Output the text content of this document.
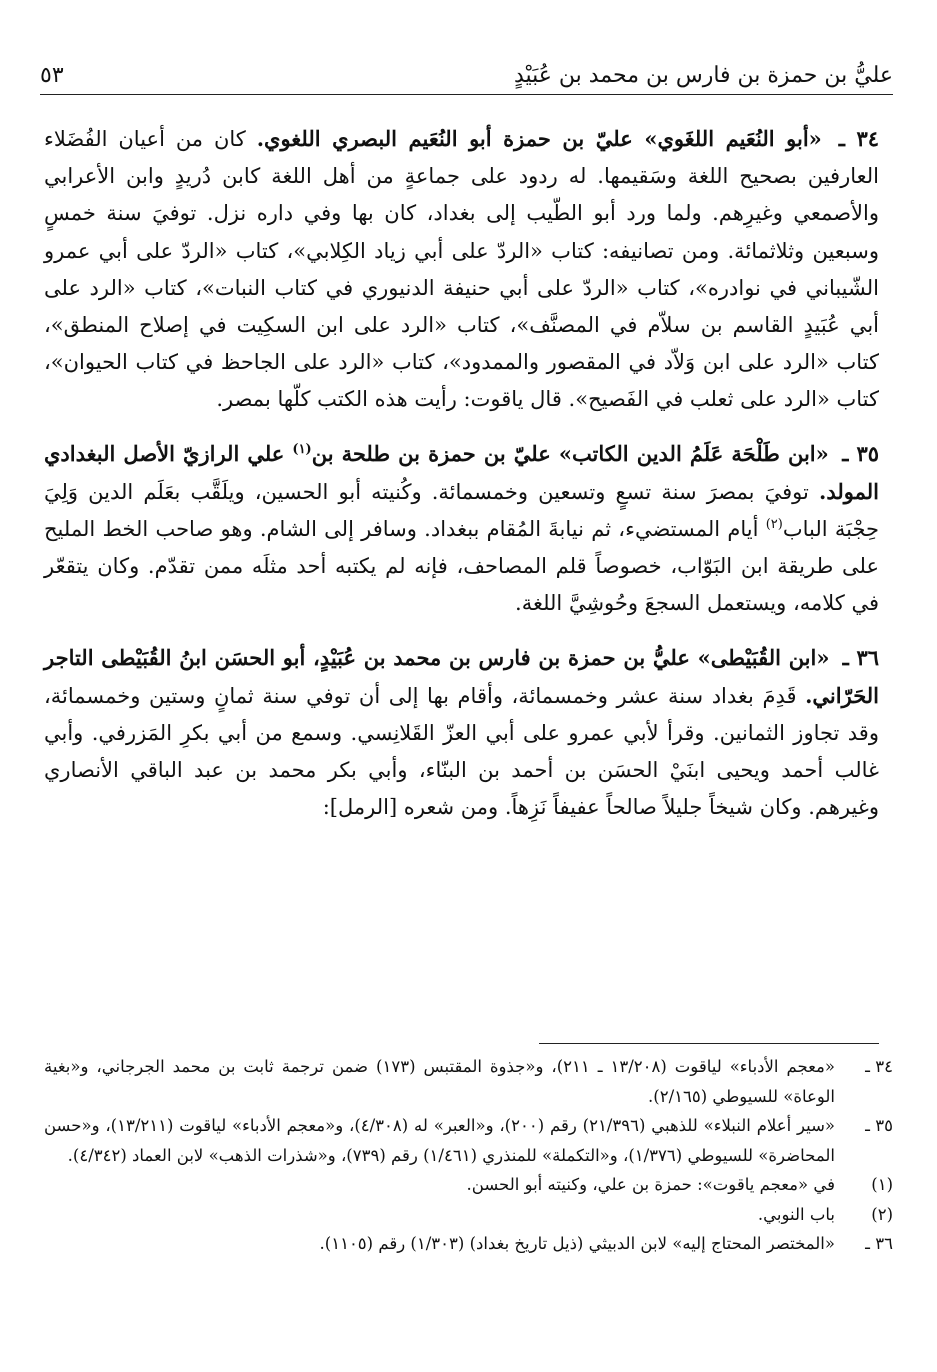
عليُّ بن حمزة بن فارس بن محمد بن عُبَيْدٍ
٥٣

٣٤ ـ «أبو النُعَيم اللغَوي» عليّ بن حمزة أبو النُعَيم البصري اللغوي. كان من أعيان الفُضَلاء العارفين بصحيح اللغة وسَقيمها. له ردود على جماعةٍ من أهل اللغة كابن دُريدٍ وابن الأعرابي والأصمعي وغيرِهم. ولما ورد أبو الطّيب إلى بغداد، كان بها وفي داره نزل. توفيَ سنة خمسٍ وسبعين وثلاثمائة. ومن تصانيفه: كتاب «الردّ على أبي زياد الكِلابي»، كتاب «الردّ على أبي عمرو الشّيباني في نوادره»، كتاب «الردّ على أبي حنيفة الدنيوري في كتاب النبات»، كتاب «الرد على أبي عُبَيدٍ القاسم بن سلاّم في المصنَّف»، كتاب «الرد على ابن السكِيت في إصلاح المنطق»، كتاب «الرد على ابن وَلاّد في المقصور والممدود»، كتاب «الرد على الجاحظ في كتاب الحيوان»، كتاب «الرد على ثعلب في الفَصيح». قال ياقوت: رأيت هذه الكتب كلّها بمصر.

٣٥ ـ «ابن طَلْحَة عَلَمُ الدين الكاتب» عليّ بن حمزة بن طلحة بن$^{(١)}$ علي الرازيّ الأصل البغدادي المولد. توفيَ بمصرَ سنة تسعٍ وتسعين وخمسمائة. وكُنيته أبو الحسين، ويلَقَّب بعَلَم الدين وَلِيَ حِجْبَة الباب$^{(٢)}$ أيام المستضيء، ثم نيابةَ المُقام ببغداد. وسافر إلى الشام. وهو صاحب الخط المليح على طريقة ابن البَوّاب، خصوصاً قلم المصاحف، فإنه لم يكتبه أحد مثلَه ممن تقدّم. وكان يتقعّر في كلامه، ويستعمل السجعَ وحُوشِيَّ اللغة.

٣٦ ـ «ابن القُبَيْطى» عليُّ بن حمزة بن فارس بن محمد بن عُبَيْدٍ، أبو الحسَن ابنُ القُبَيْطى التاجر الحَرّاني. قَدِمَ بغداد سنة عشر وخمسمائة، وأقام بها إلى أن توفي سنة ثمانٍ وستين وخمسمائة، وقد تجاوز الثمانين. وقرأ لأبي عمرو على أبي العزّ القَلانِسي. وسمع من أبي بكرِ المَزرفي. وأبي غالب أحمد ويحيى ابنَيْ الحسَن بن أحمد بن البنّاء، وأبي بكر محمد بن عبد الباقي الأنصاري وغيرهم. وكان شيخاً جليلاً صالحاً عفيفاً نَزِهاً. ومن شعره [الرمل]:

٣٤ ـ
«معجم الأدباء» لياقوت (١٣/٢٠٨ ـ ٢١١)، و«جذوة المقتبس (١٧٣) ضمن ترجمة ثابت بن محمد الجرجاني، و«بغية الوعاة» للسيوطي (٢/١٦٥).
٣٥ ـ
«سير أعلام النبلاء» للذهبي (٢١/٣٩٦) رقم (٢٠٠)، و«العبر» له (٤/٣٠٨)، و«معجم الأدباء» لياقوت (١٣/٢١١)، و«حسن المحاضرة» للسيوطي (١/٣٧٦)، و«التكملة» للمنذري (١/٤٦١) رقم (٧٣٩)، و«شذرات الذهب» لابن العماد (٤/٣٤٢).
(١)
في «معجم ياقوت»: حمزة بن علي، وكنيته أبو الحسن.
(٢)
باب النوبي.
٣٦ ـ
«المختصر المحتاج إليه» لابن الدبيثي (ذيل تاريخ بغداد) (١/٣٠٣) رقم (١١٠٥).
